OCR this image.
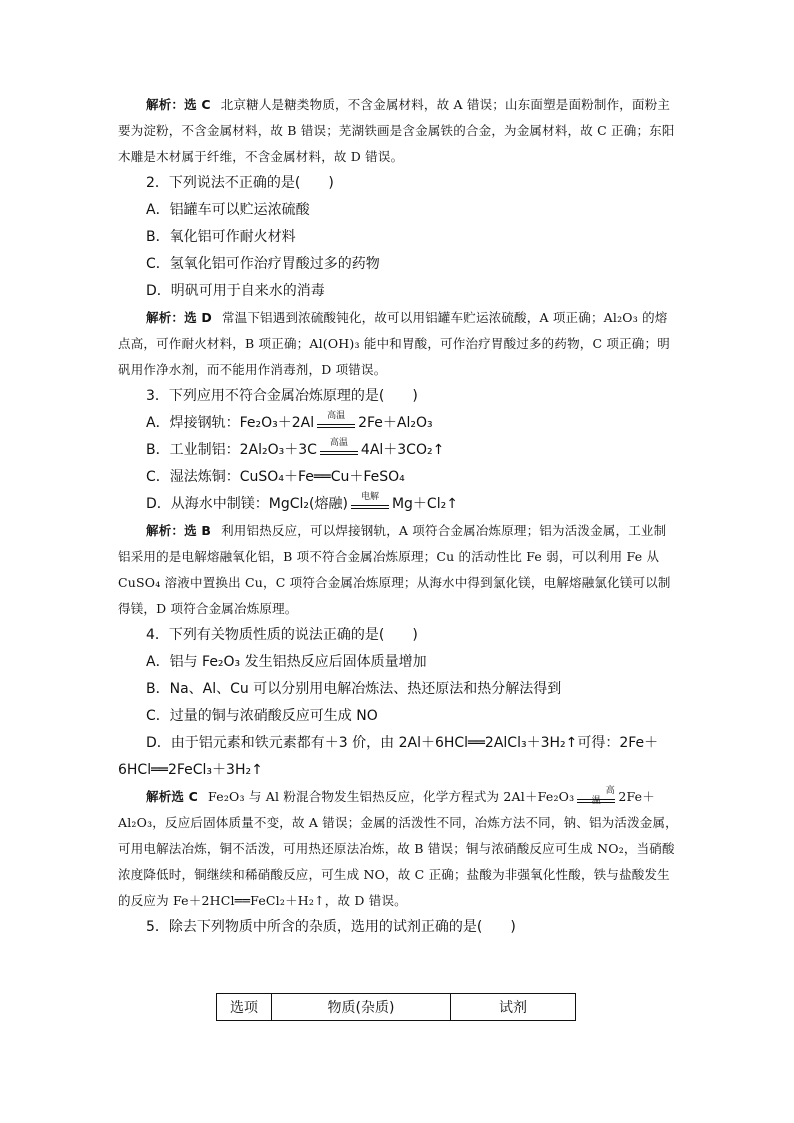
解析：选 C 北京糖人是糖类物质，不含金属材料，故 A 错误；山东面塑是面粉制作，面粉主要为淀粉，不含金属材料，故 B 错误；芜湖铁画是含金属铁的合金，为金属材料，故 C 正确；东阳木雕是木材属于纤维，不含金属材料，故 D 错误。

2．下列说法不正确的是(　　)

A．铝罐车可以贮运浓硫酸

B．氧化铝可作耐火材料

C．氢氧化铝可作治疗胃酸过多的药物

D．明矾可用于自来水的消毒

解析：选 D 常温下铝遇到浓硫酸钝化，故可以用铝罐车贮运浓硫酸，A 项正确；Al₂O₃ 的熔点高，可作耐火材料，B 项正确；Al(OH)₃ 能中和胃酸，可作治疗胃酸过多的药物，C 项正确；明矾用作净水剂，而不能用作消毒剂，D 项错误。

3．下列应用不符合金属冶炼原理的是(　　)

A．焊接钢轨：Fe₂O₃＋2Al	高温 2Fe＋Al₂O₃

B．工业制铝：2Al₂O₃＋3C	高温 4Al＋3CO₂↑

C．湿法炼铜：CuSO₄＋Fe══Cu＋FeSO₄

D．从海水中制镁：MgCl₂(熔融)	电解 Mg＋Cl₂↑

解析：选 B 利用铝热反应，可以焊接钢轨，A 项符合金属冶炼原理；铝为活泼金属，工业制铝采用的是电解熔融氧化铝，B 项不符合金属冶炼原理；Cu 的活动性比 Fe 弱，可以利用 Fe 从 CuSO₄ 溶液中置换出 Cu，C 项符合金属冶炼原理；从海水中得到氯化镁，电解熔融氯化镁可以制得镁，D 项符合金属冶炼原理。

4．下列有关物质性质的说法正确的是(　　)

A．铝与 Fe₂O₃ 发生铝热反应后固体质量增加

B．Na、Al、Cu 可以分别用电解冶炼法、热还原法和热分解法得到

C．过量的铜与浓硝酸反应可生成 NO

D．由于铝元素和铁元素都有＋3 价，由 2Al＋6HCl══2AlCl₃＋3H₂↑可得：2Fe＋
6HCl══2FeCl₃＋3H₂↑

解析选 C Fe₂O₃ 与 Al 粉混合物发生铝热反应，化学方程式为 2Al＋Fe₂O₃	高温	2Fe＋Al₂O₃，反应后固体质量不变，故 A 错误；金属的活泼性不同，冶炼方法不同，钠、铝为活泼金属，可用电解法冶炼，铜不活泼，可用热还原法冶炼，故 B 错误；铜与浓硝酸反应可生成 NO₂，当硝酸浓度降低时，铜继续和稀硝酸反应，可生成 NO，故 C 正确；盐酸为非强氧化性酸，铁与盐酸发生的反应为 Fe＋2HCl══FeCl₂＋H₂↑，故 D 错误。

5．除去下列物质中所含的杂质，选用的试剂正确的是(　　)

选项	物质(杂质)	试剂
